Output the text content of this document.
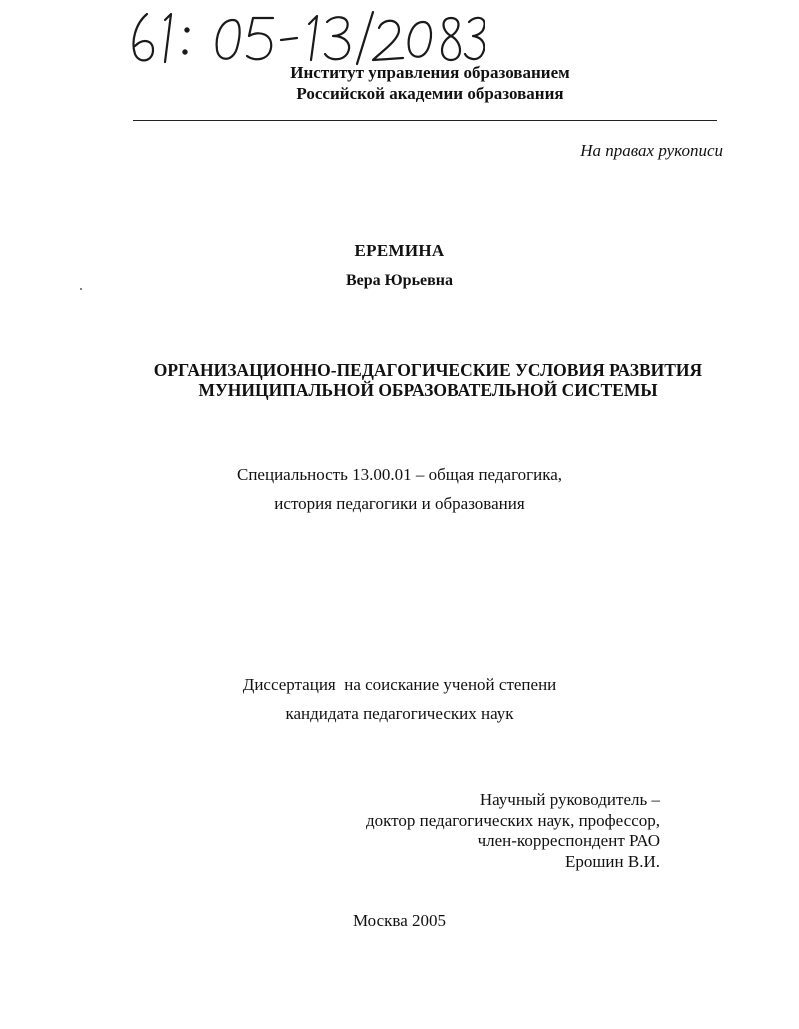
Институт управления образованием
Российской академии образования
На правах рукописи
ЕРЕМИНА
Вера Юрьевна
ОРГАНИЗАЦИОННО-ПЕДАГОГИЧЕСКИЕ УСЛОВИЯ РАЗВИТИЯ
МУНИЦИПАЛЬНОЙ ОБРАЗОВАТЕЛЬНОЙ СИСТЕМЫ
Специальность 13.00.01 – общая педагогика,
история педагогики и образования
Диссертация  на соискание ученой степени
кандидата педагогических наук
Научный руководитель –
доктор педагогических наук, профессор,
член-корреспондент РАО
Ерошин В.И.
Москва 2005
